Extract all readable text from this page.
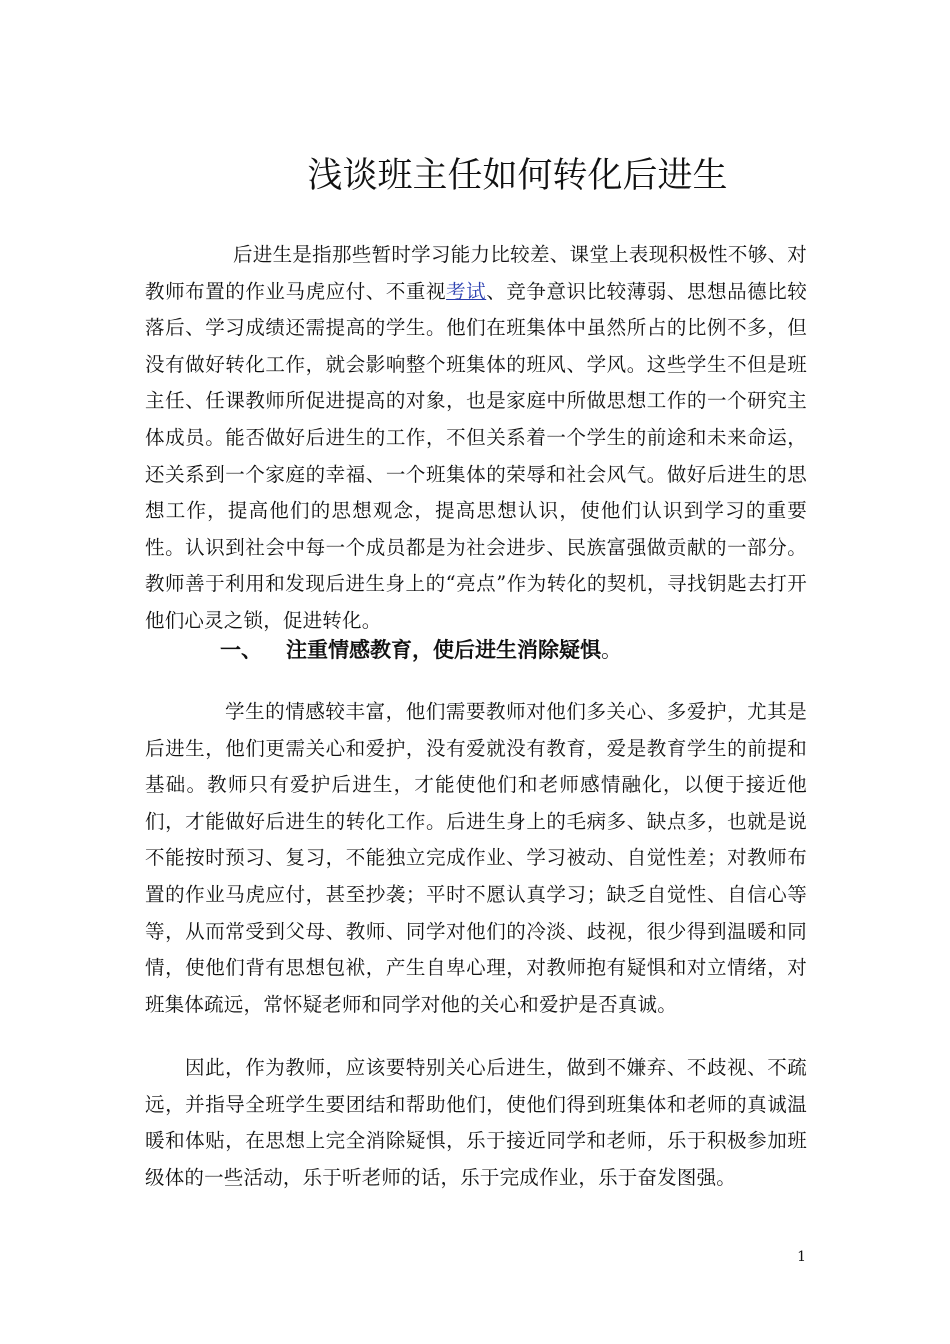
浅谈班主任如何转化后进生

后进生是指那些暂时学习能力比较差、课堂上表现积极性不够、对教师布置的作业马虎应付、不重视考试、竞争意识比较薄弱、思想品德比较落后、学习成绩还需提高的学生。他们在班集体中虽然所占的比例不多，但没有做好转化工作，就会影响整个班集体的班风、学风。这些学生不但是班主任、任课教师所促进提高的对象，也是家庭中所做思想工作的一个研究主体成员。能否做好后进生的工作，不但关系着一个学生的前途和未来命运，还关系到一个家庭的幸福、一个班集体的荣辱和社会风气。做好后进生的思想工作，提高他们的思想观念，提高思想认识，使他们认识到学习的重要性。认识到社会中每一个成员都是为社会进步、民族富强做贡献的一部分。教师善于利用和发现后进生身上的“亮点”作为转化的契机，寻找钥匙去打开他们心灵之锁，促进转化。

一、 注重情感教育，使后进生消除疑惧。

学生的情感较丰富，他们需要教师对他们多关心、多爱护，尤其是后进生，他们更需关心和爱护，没有爱就没有教育，爱是教育学生的前提和基础。教师只有爱护后进生，才能使他们和老师感情融化，以便于接近他们，才能做好后进生的转化工作。后进生身上的毛病多、缺点多，也就是说不能按时预习、复习，不能独立完成作业、学习被动、自觉性差；对教师布置的作业马虎应付，甚至抄袭；平时不愿认真学习；缺乏自觉性、自信心等等，从而常受到父母、教师、同学对他们的冷淡、歧视，很少得到温暖和同情，使他们背有思想包袱，产生自卑心理，对教师抱有疑惧和对立情绪，对班集体疏远，常怀疑老师和同学对他的关心和爱护是否真诚。

因此，作为教师，应该要特别关心后进生，做到不嫌弃、不歧视、不疏远，并指导全班学生要团结和帮助他们，使他们得到班集体和老师的真诚温暖和体贴，在思想上完全消除疑惧，乐于接近同学和老师，乐于积极参加班级体的一些活动，乐于听老师的话，乐于完成作业，乐于奋发图强。

1
